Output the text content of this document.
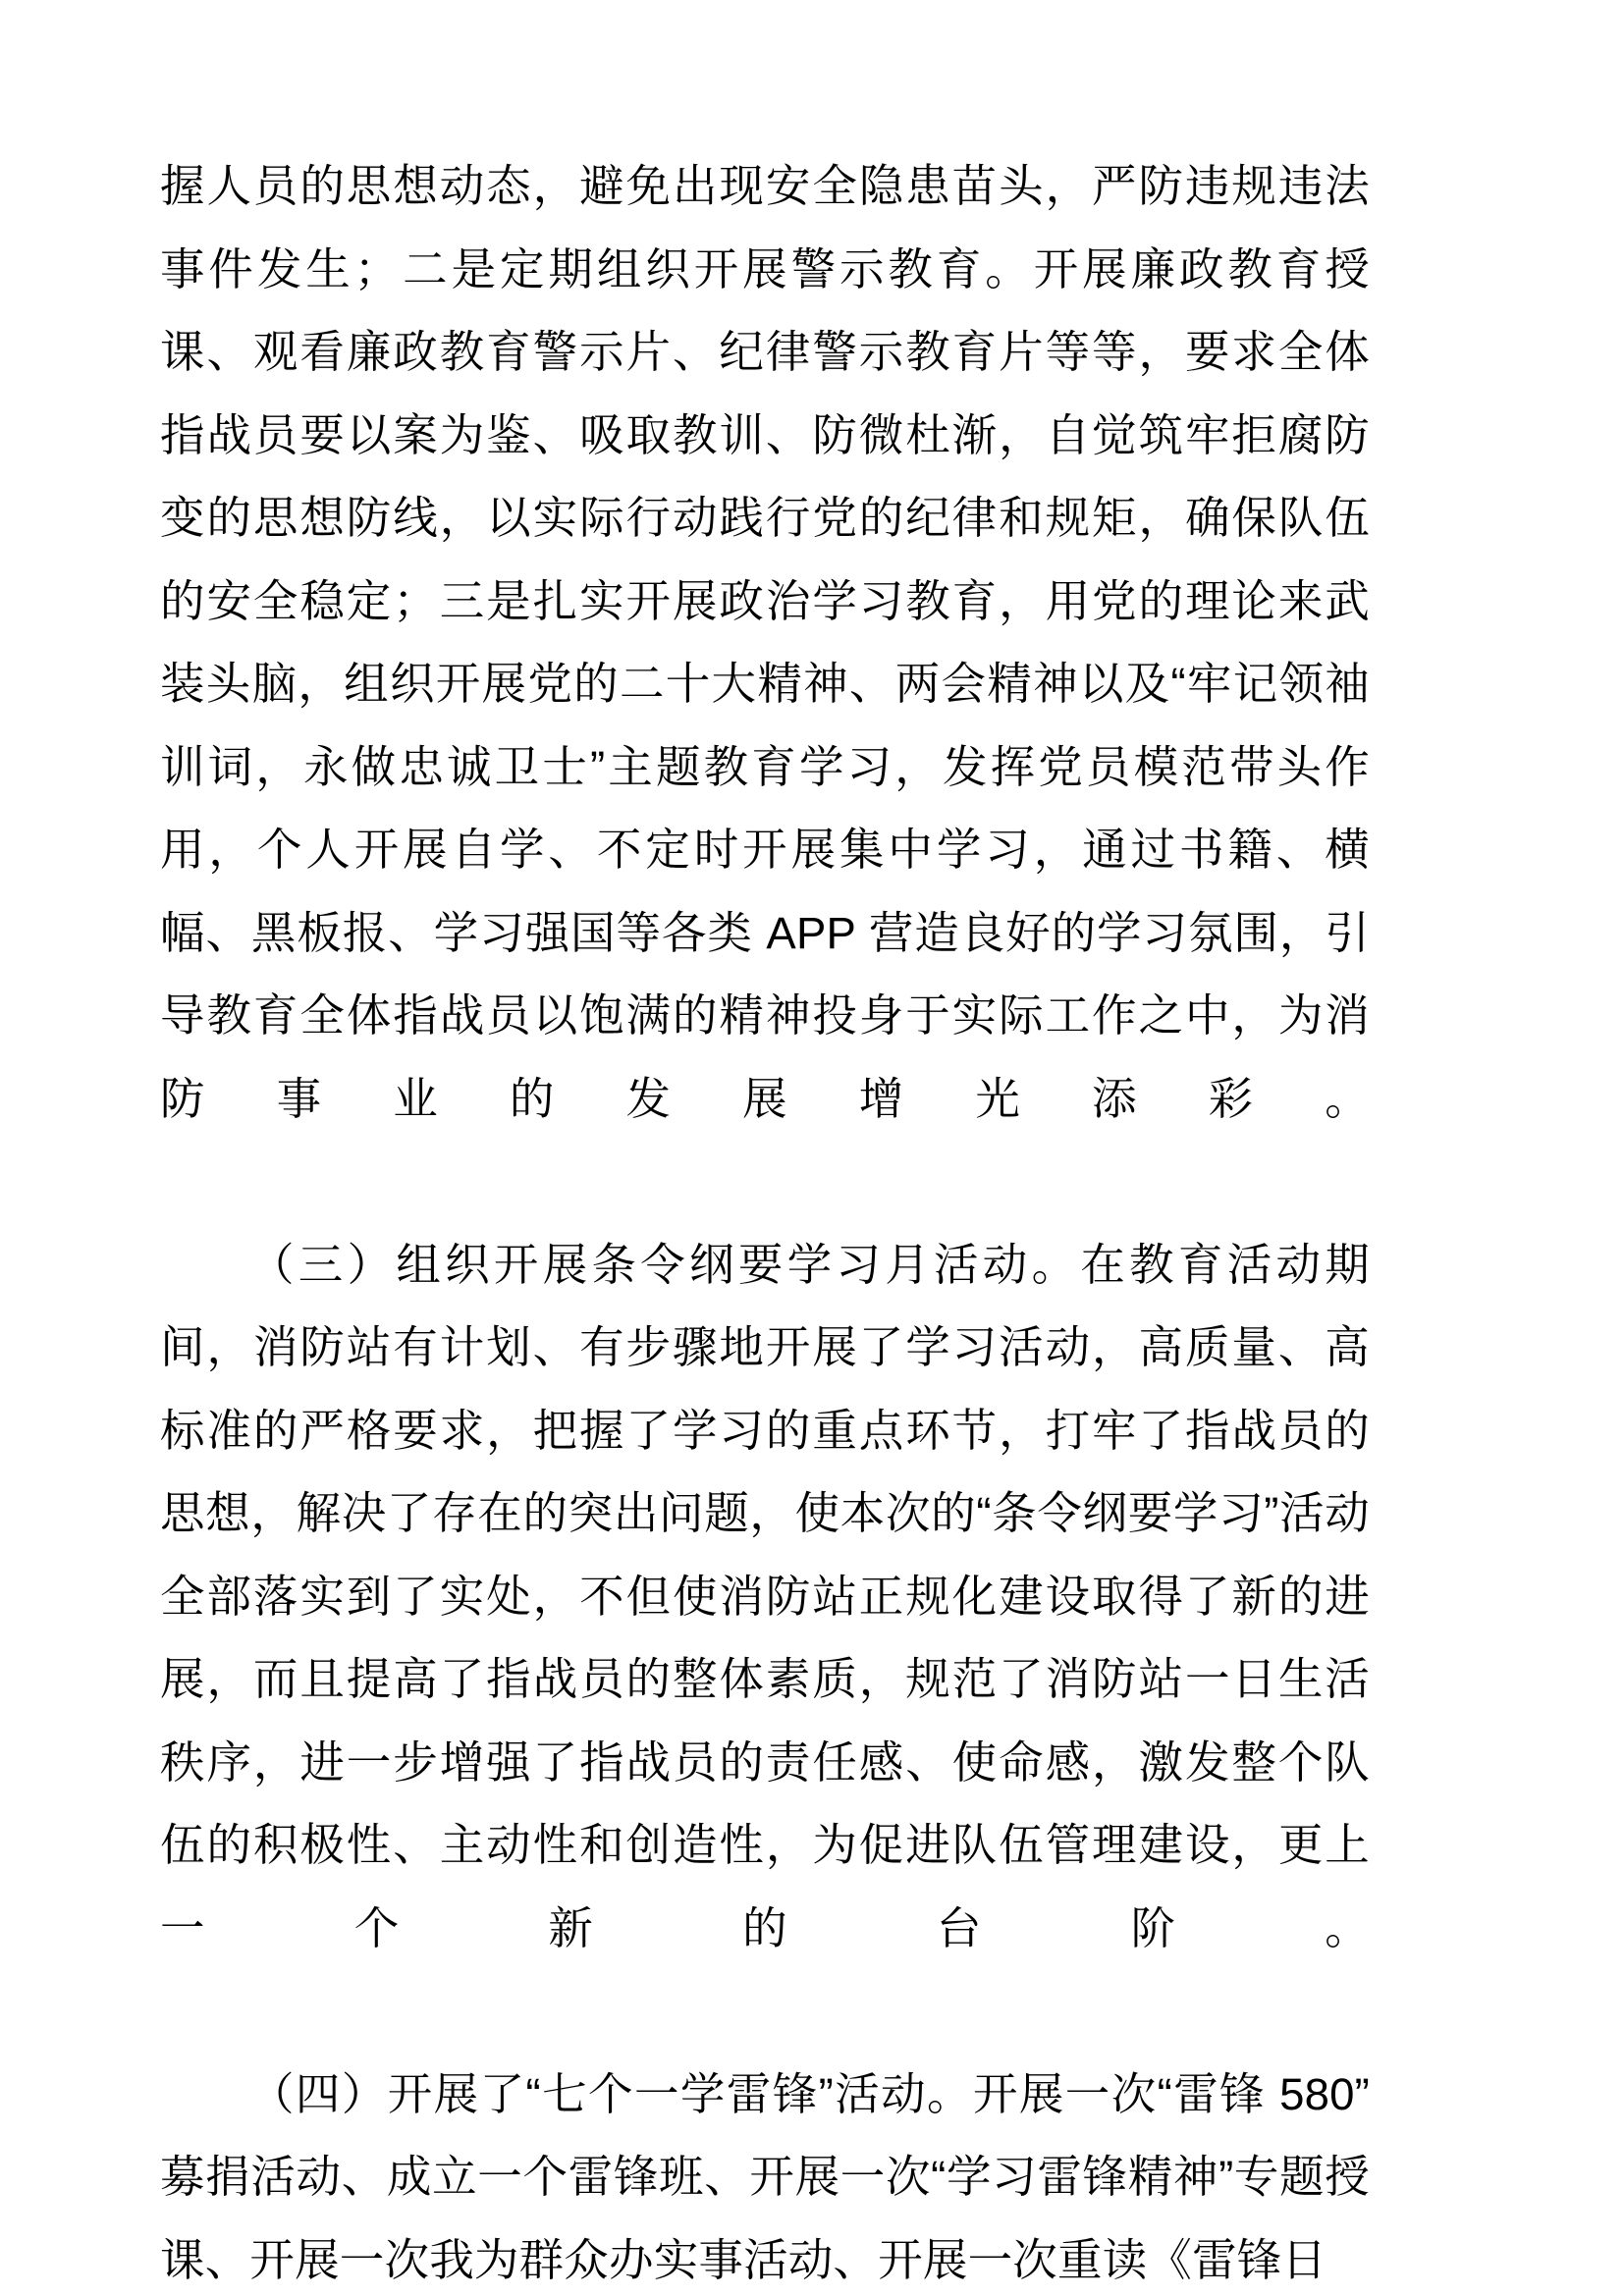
握人员的思想动态，避免出现安全隐患苗头，严防违规违法事件发生；二是定期组织开展警示教育。开展廉政教育授课、观看廉政教育警示片、纪律警示教育片等等，要求全体指战员要以案为鉴、吸取教训、防微杜渐，自觉筑牢拒腐防变的思想防线，以实际行动践行党的纪律和规矩，确保队伍的安全稳定；三是扎实开展政治学习教育，用党的理论来武装头脑，组织开展党的二十大精神、两会精神以及“牢记领袖训词，永做忠诚卫士”主题教育学习，发挥党员模范带头作用，个人开展自学、不定时开展集中学习，通过书籍、横幅、黑板报、学习强国等各类 APP 营造良好的学习氛围，引导教育全体指战员以饱满的精神投身于实际工作之中，为消防事业的发展增光添彩。

（三）组织开展条令纲要学习月活动。在教育活动期间，消防站有计划、有步骤地开展了学习活动，高质量、高标准的严格要求，把握了学习的重点环节，打牢了指战员的思想，解决了存在的突出问题，使本次的“条令纲要学习”活动全部落实到了实处，不但使消防站正规化建设取得了新的进展，而且提高了指战员的整体素质，规范了消防站一日生活秩序，进一步增强了指战员的责任感、使命感，激发整个队伍的积极性、主动性和创造性，为促进队伍管理建设，更上一个新的台阶。

（四）开展了“七个一学雷锋”活动。开展一次“雷锋 580”募捐活动、成立一个雷锋班、开展一次“学习雷锋精神”专题授课、开展一次我为群众办实事活动、开展一次重读《雷锋日
